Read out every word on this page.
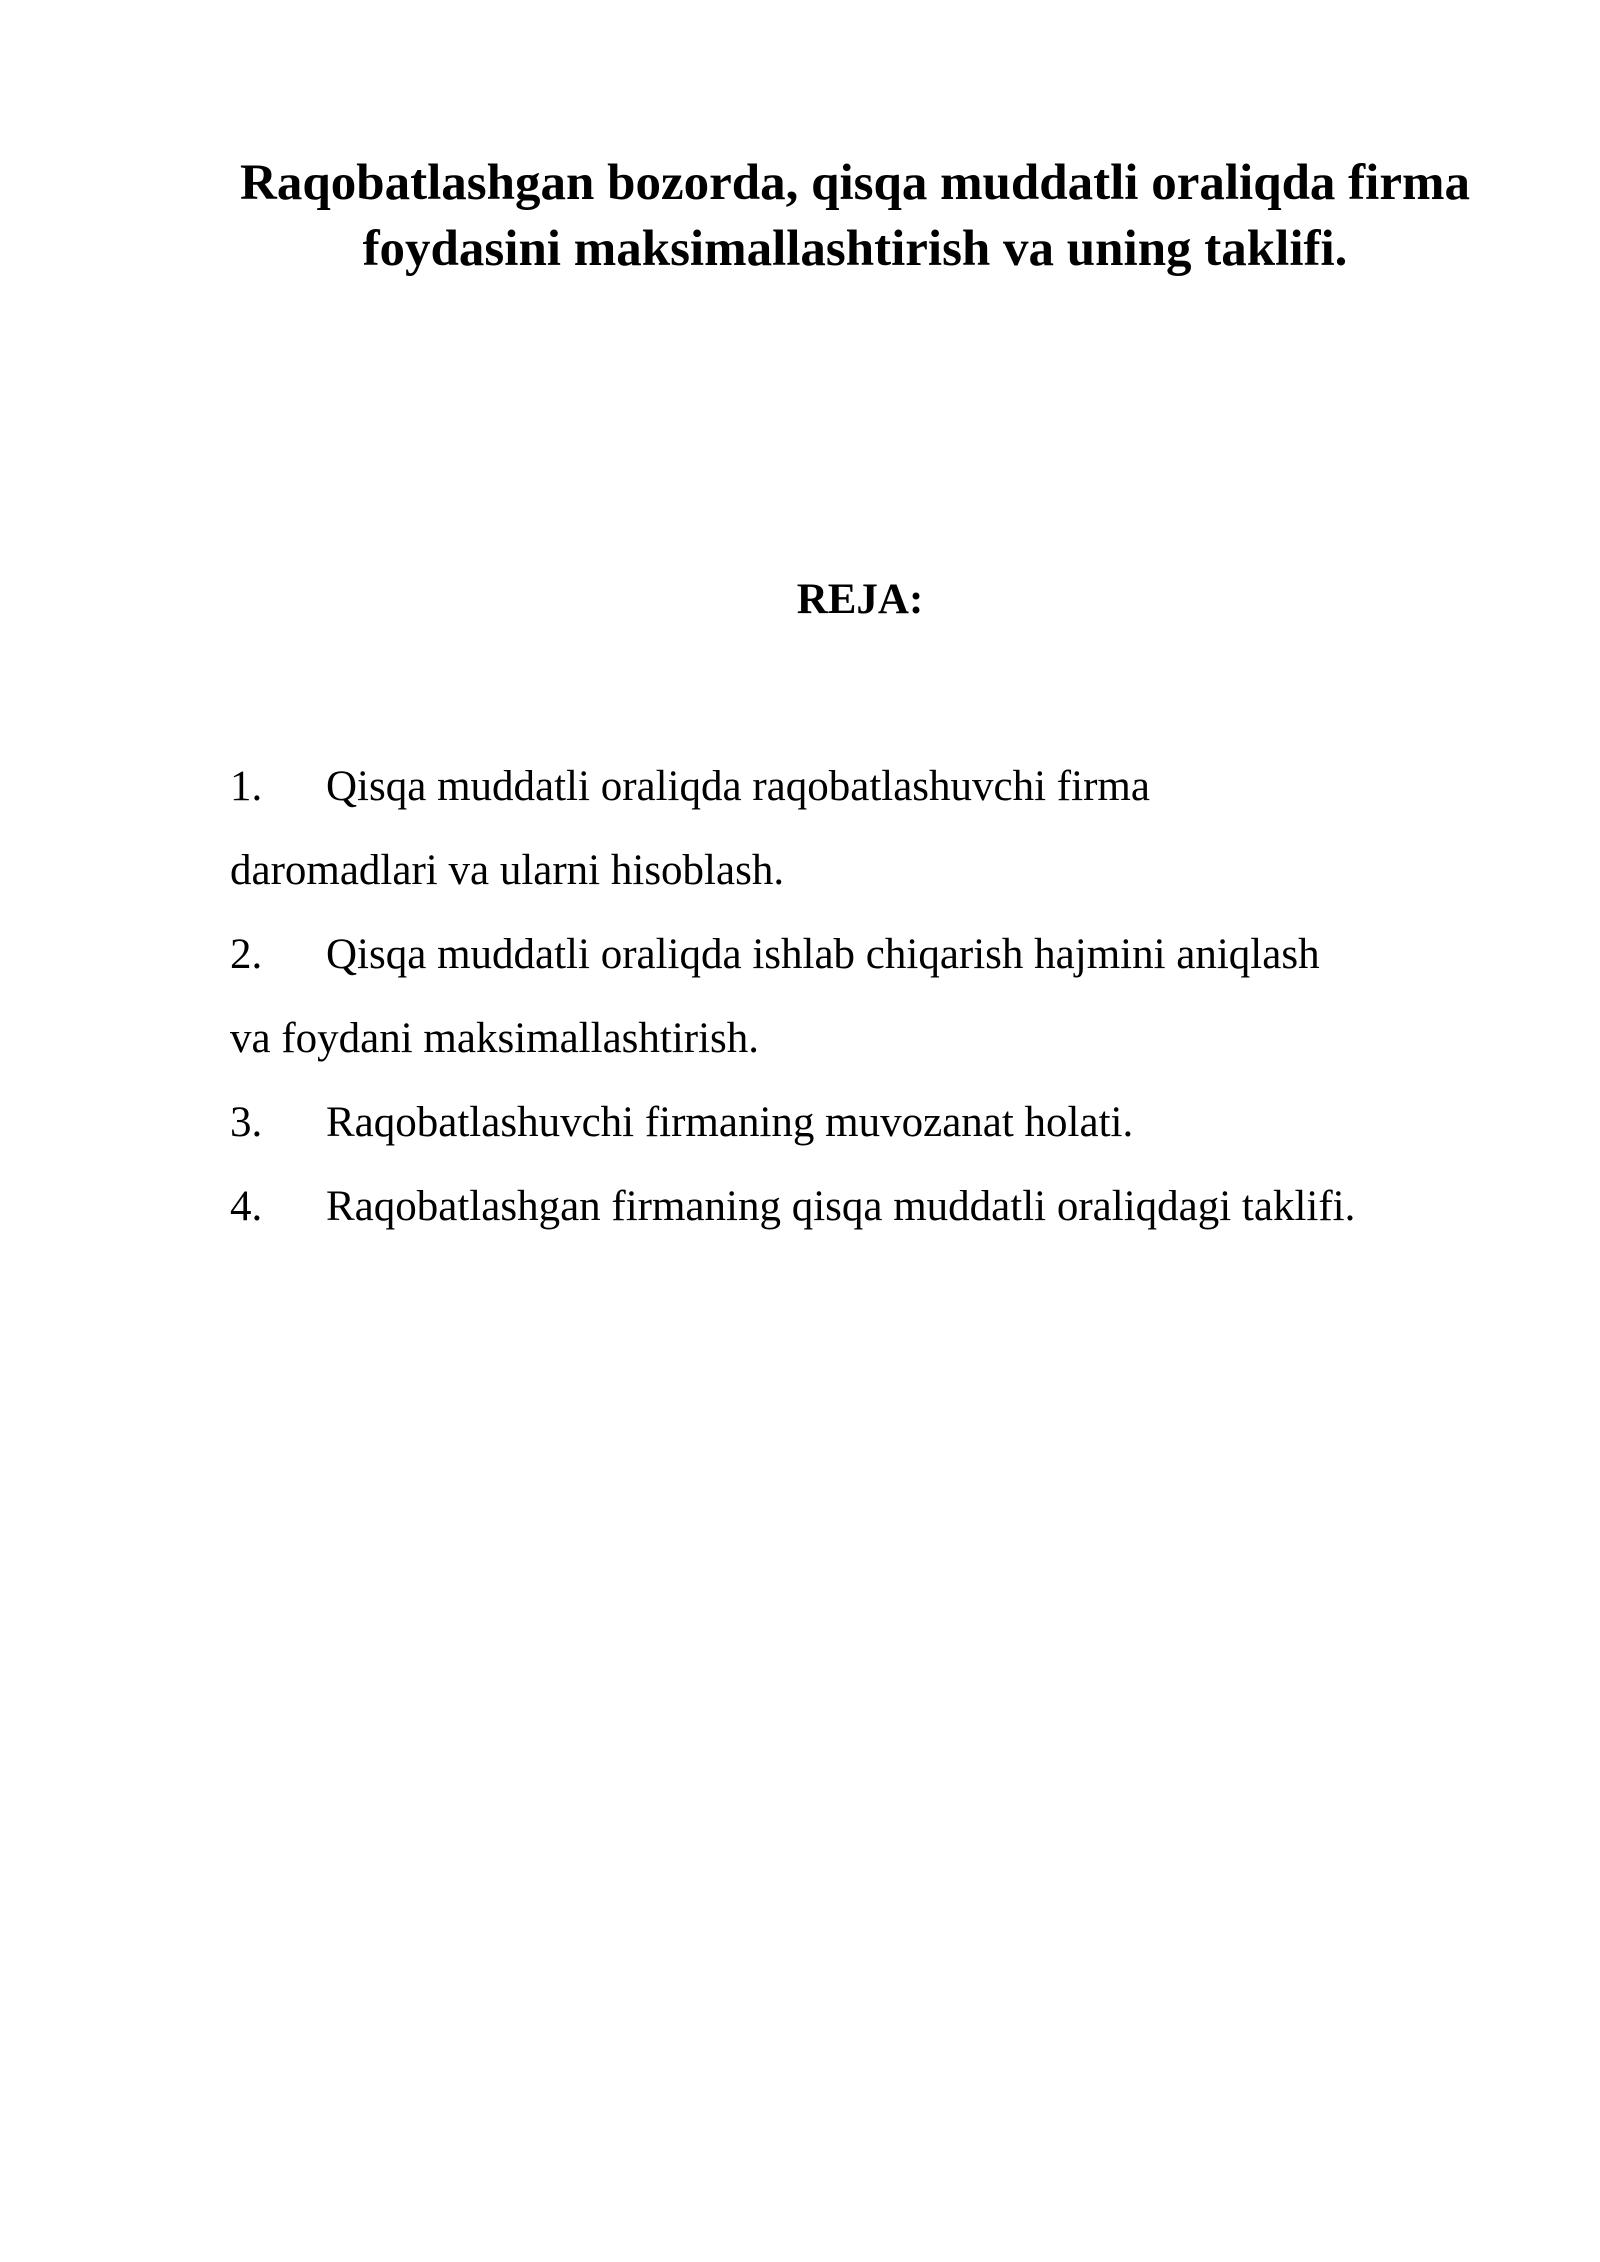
Raqobatlashgan bozorda, qisqa muddatli oraliqda firma foydasini maksimallashtirish va uning taklifi.
REJA:
1. Qisqa muddatli oraliqda raqobatlashuvchi firma
daromadlari va ularni hisoblash.
2. Qisqa muddatli oraliqda ishlab chiqarish hajmini aniqlash
va foydani maksimallashtirish.
3. Raqobatlashuvchi firmaning muvozanat holati.
4. Raqobatlashgan firmaning qisqa muddatli oraliqdagi taklifi.
